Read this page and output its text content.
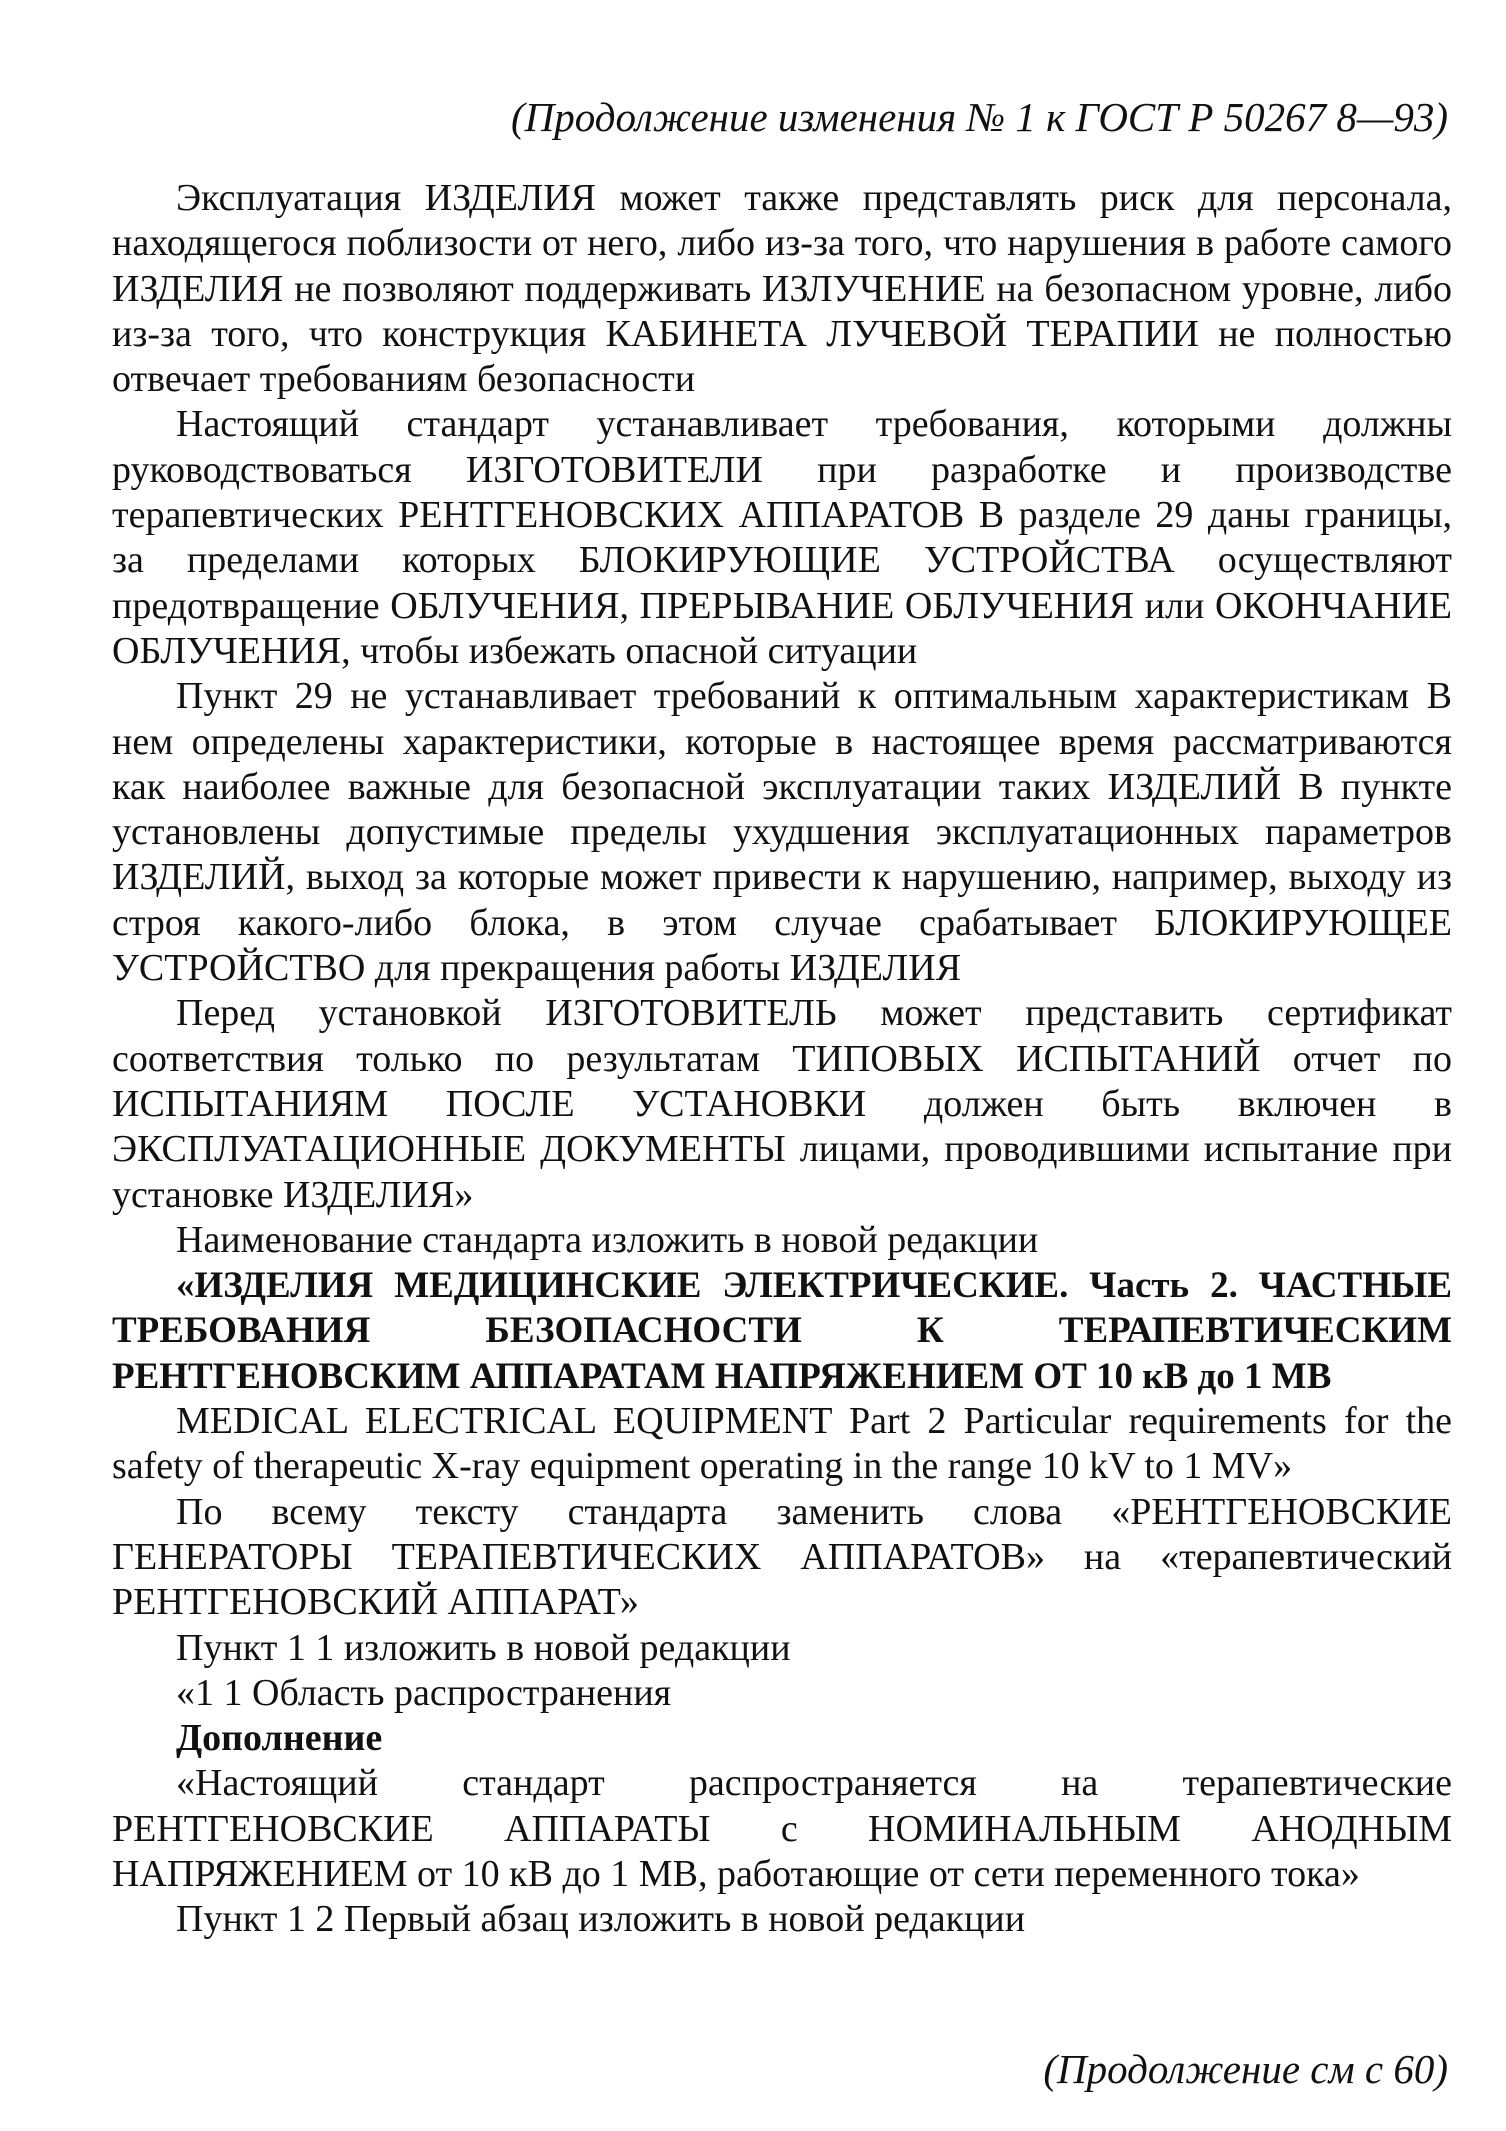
(Продолжение изменения № 1 к ГОСТ Р 50267 8—93)

Эксплуатация ИЗДЕЛИЯ может также представлять риск для персонала, находящегося поблизости от него, либо из-за того, что нарушения в работе самого ИЗДЕЛИЯ не позволяют поддерживать ИЗЛУЧЕНИЕ на безопасном уровне, либо из-за того, что конструкция КАБИНЕТА ЛУЧЕВОЙ ТЕРАПИИ не полностью отвечает требованиям безопасности

Настоящий стандарт устанавливает требования, которыми должны руководствоваться ИЗГОТОВИТЕЛИ при разработке и производстве терапевтических РЕНТГЕНОВСКИХ АППАРАТОВ В разделе 29 даны границы, за пределами которых БЛОКИРУЮЩИЕ УСТРОЙСТВА осуществляют предотвращение ОБЛУЧЕНИЯ, ПРЕРЫВАНИЕ ОБЛУЧЕНИЯ или ОКОНЧАНИЕ ОБЛУЧЕНИЯ, чтобы избежать опасной ситуации

Пункт 29 не устанавливает требований к оптимальным характеристикам В нем определены характеристики, которые в настоящее время рассматриваются как наиболее важные для безопасной эксплуатации таких ИЗДЕЛИЙ В пункте установлены допустимые пределы ухудшения эксплуатационных параметров ИЗДЕЛИЙ, выход за которые может привести к нарушению, например, выходу из строя какого-либо блока, в этом случае срабатывает БЛОКИРУЮЩЕЕ УСТРОЙСТВО для прекращения работы ИЗДЕЛИЯ

Перед установкой ИЗГОТОВИТЕЛЬ может представить сертификат соответствия только по результатам ТИПОВЫХ ИСПЫТАНИЙ отчет по ИСПЫТАНИЯМ ПОСЛЕ УСТАНОВКИ должен быть включен в ЭКСПЛУАТАЦИОННЫЕ ДОКУМЕНТЫ лицами, проводившими испытание при установке ИЗДЕЛИЯ»

Наименование стандарта изложить в новой редакции

«ИЗДЕЛИЯ МЕДИЦИНСКИЕ ЭЛЕКТРИЧЕСКИЕ. Часть 2. ЧАСТНЫЕ ТРЕБОВАНИЯ БЕЗОПАСНОСТИ К ТЕРАПЕВТИЧЕСКИМ РЕНТГЕНОВСКИМ АППАРАТАМ НАПРЯЖЕНИЕМ ОТ 10 кВ до 1 МВ

MEDICAL ELECTRICAL EQUIPMENT Part 2 Particular requirements for the safety of therapeutic X-ray equipment operating in the range 10 kV to 1 MV»

По всему тексту стандарта заменить слова «РЕНТГЕНОВСКИЕ ГЕНЕРАТОРЫ ТЕРАПЕВТИЧЕСКИХ АППАРАТОВ» на «терапевтический РЕНТГЕНОВСКИЙ АППАРАТ»

Пункт 1 1 изложить в новой редакции

«1 1 Область распространения

Дополнение

«Настоящий стандарт распространяется на терапевтические РЕНТГЕНОВСКИЕ АППАРАТЫ с НОМИНАЛЬНЫМ АНОДНЫМ НАПРЯЖЕНИЕМ от 10 кВ до 1 МВ, работающие от сети переменного тока»

Пункт 1 2 Первый абзац изложить в новой редакции

(Продолжение см с 60)
